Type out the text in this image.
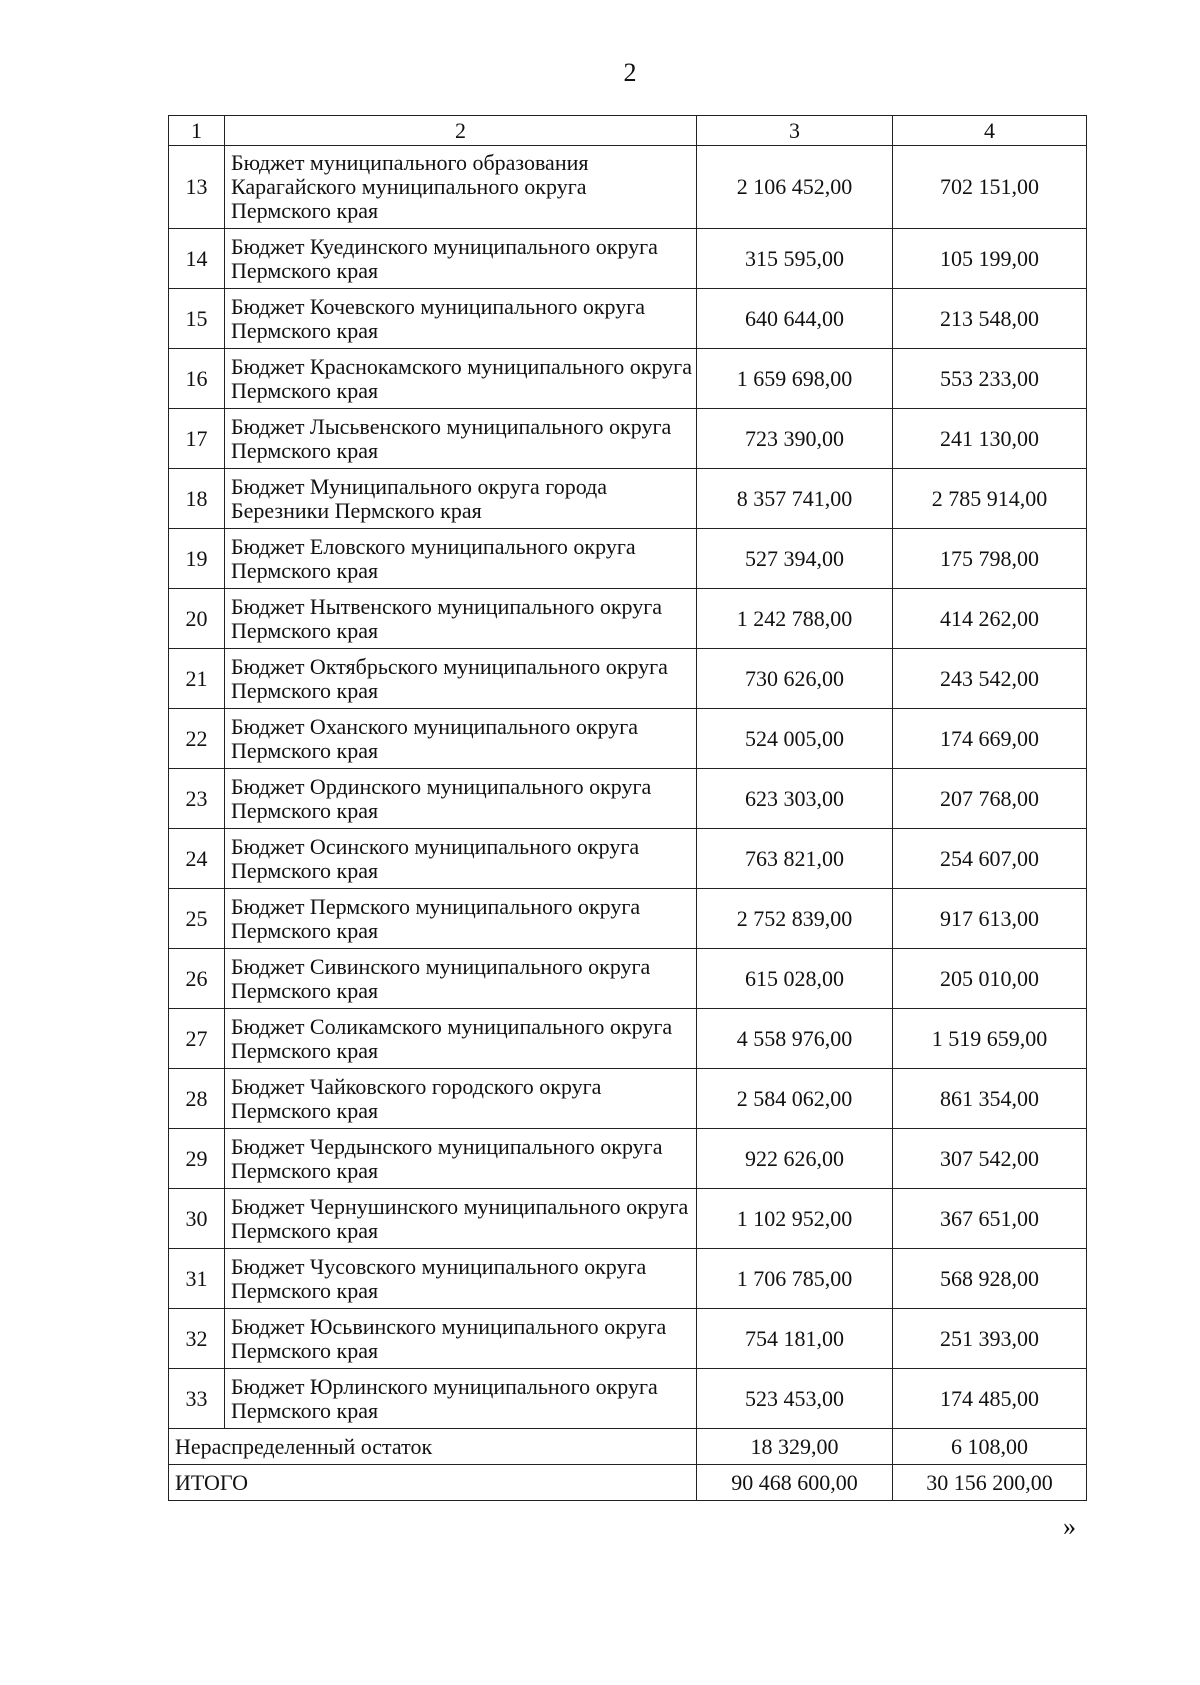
2
1	2	3	4
13	Бюджет муниципального образования Карагайского муниципального округа Пермского края	2 106 452,00	702 151,00
14	Бюджет Куединского муниципального округа Пермского края	315 595,00	105 199,00
15	Бюджет Кочевского муниципального округа Пермского края	640 644,00	213 548,00
16	Бюджет Краснокамского муниципального округа Пермского края	1 659 698,00	553 233,00
17	Бюджет Лысьвенского муниципального округа Пермского края	723 390,00	241 130,00
18	Бюджет Муниципального округа города Березники Пермского края	8 357 741,00	2 785 914,00
19	Бюджет Еловского муниципального округа Пермского края	527 394,00	175 798,00
20	Бюджет Нытвенского муниципального округа Пермского края	1 242 788,00	414 262,00
21	Бюджет Октябрьского муниципального округа Пермского края	730 626,00	243 542,00
22	Бюджет Оханского муниципального округа Пермского края	524 005,00	174 669,00
23	Бюджет Ординского муниципального округа Пермского края	623 303,00	207 768,00
24	Бюджет Осинского муниципального округа Пермского края	763 821,00	254 607,00
25	Бюджет Пермского муниципального округа Пермского края	2 752 839,00	917 613,00
26	Бюджет Сивинского муниципального округа Пермского края	615 028,00	205 010,00
27	Бюджет Соликамского муниципального округа Пермского края	4 558 976,00	1 519 659,00
28	Бюджет Чайковского городского округа Пермского края	2 584 062,00	861 354,00
29	Бюджет Чердынского муниципального округа Пермского края	922 626,00	307 542,00
30	Бюджет Чернушинского муниципального округа Пермского края	1 102 952,00	367 651,00
31	Бюджет Чусовского муниципального округа Пермского края	1 706 785,00	568 928,00
32	Бюджет Юсьвинского муниципального округа Пермского края	754 181,00	251 393,00
33	Бюджет Юрлинского муниципального округа Пермского края	523 453,00	174 485,00
Нераспределенный остаток		18 329,00	6 108,00
ИТОГО		90 468 600,00	30 156 200,00
»
